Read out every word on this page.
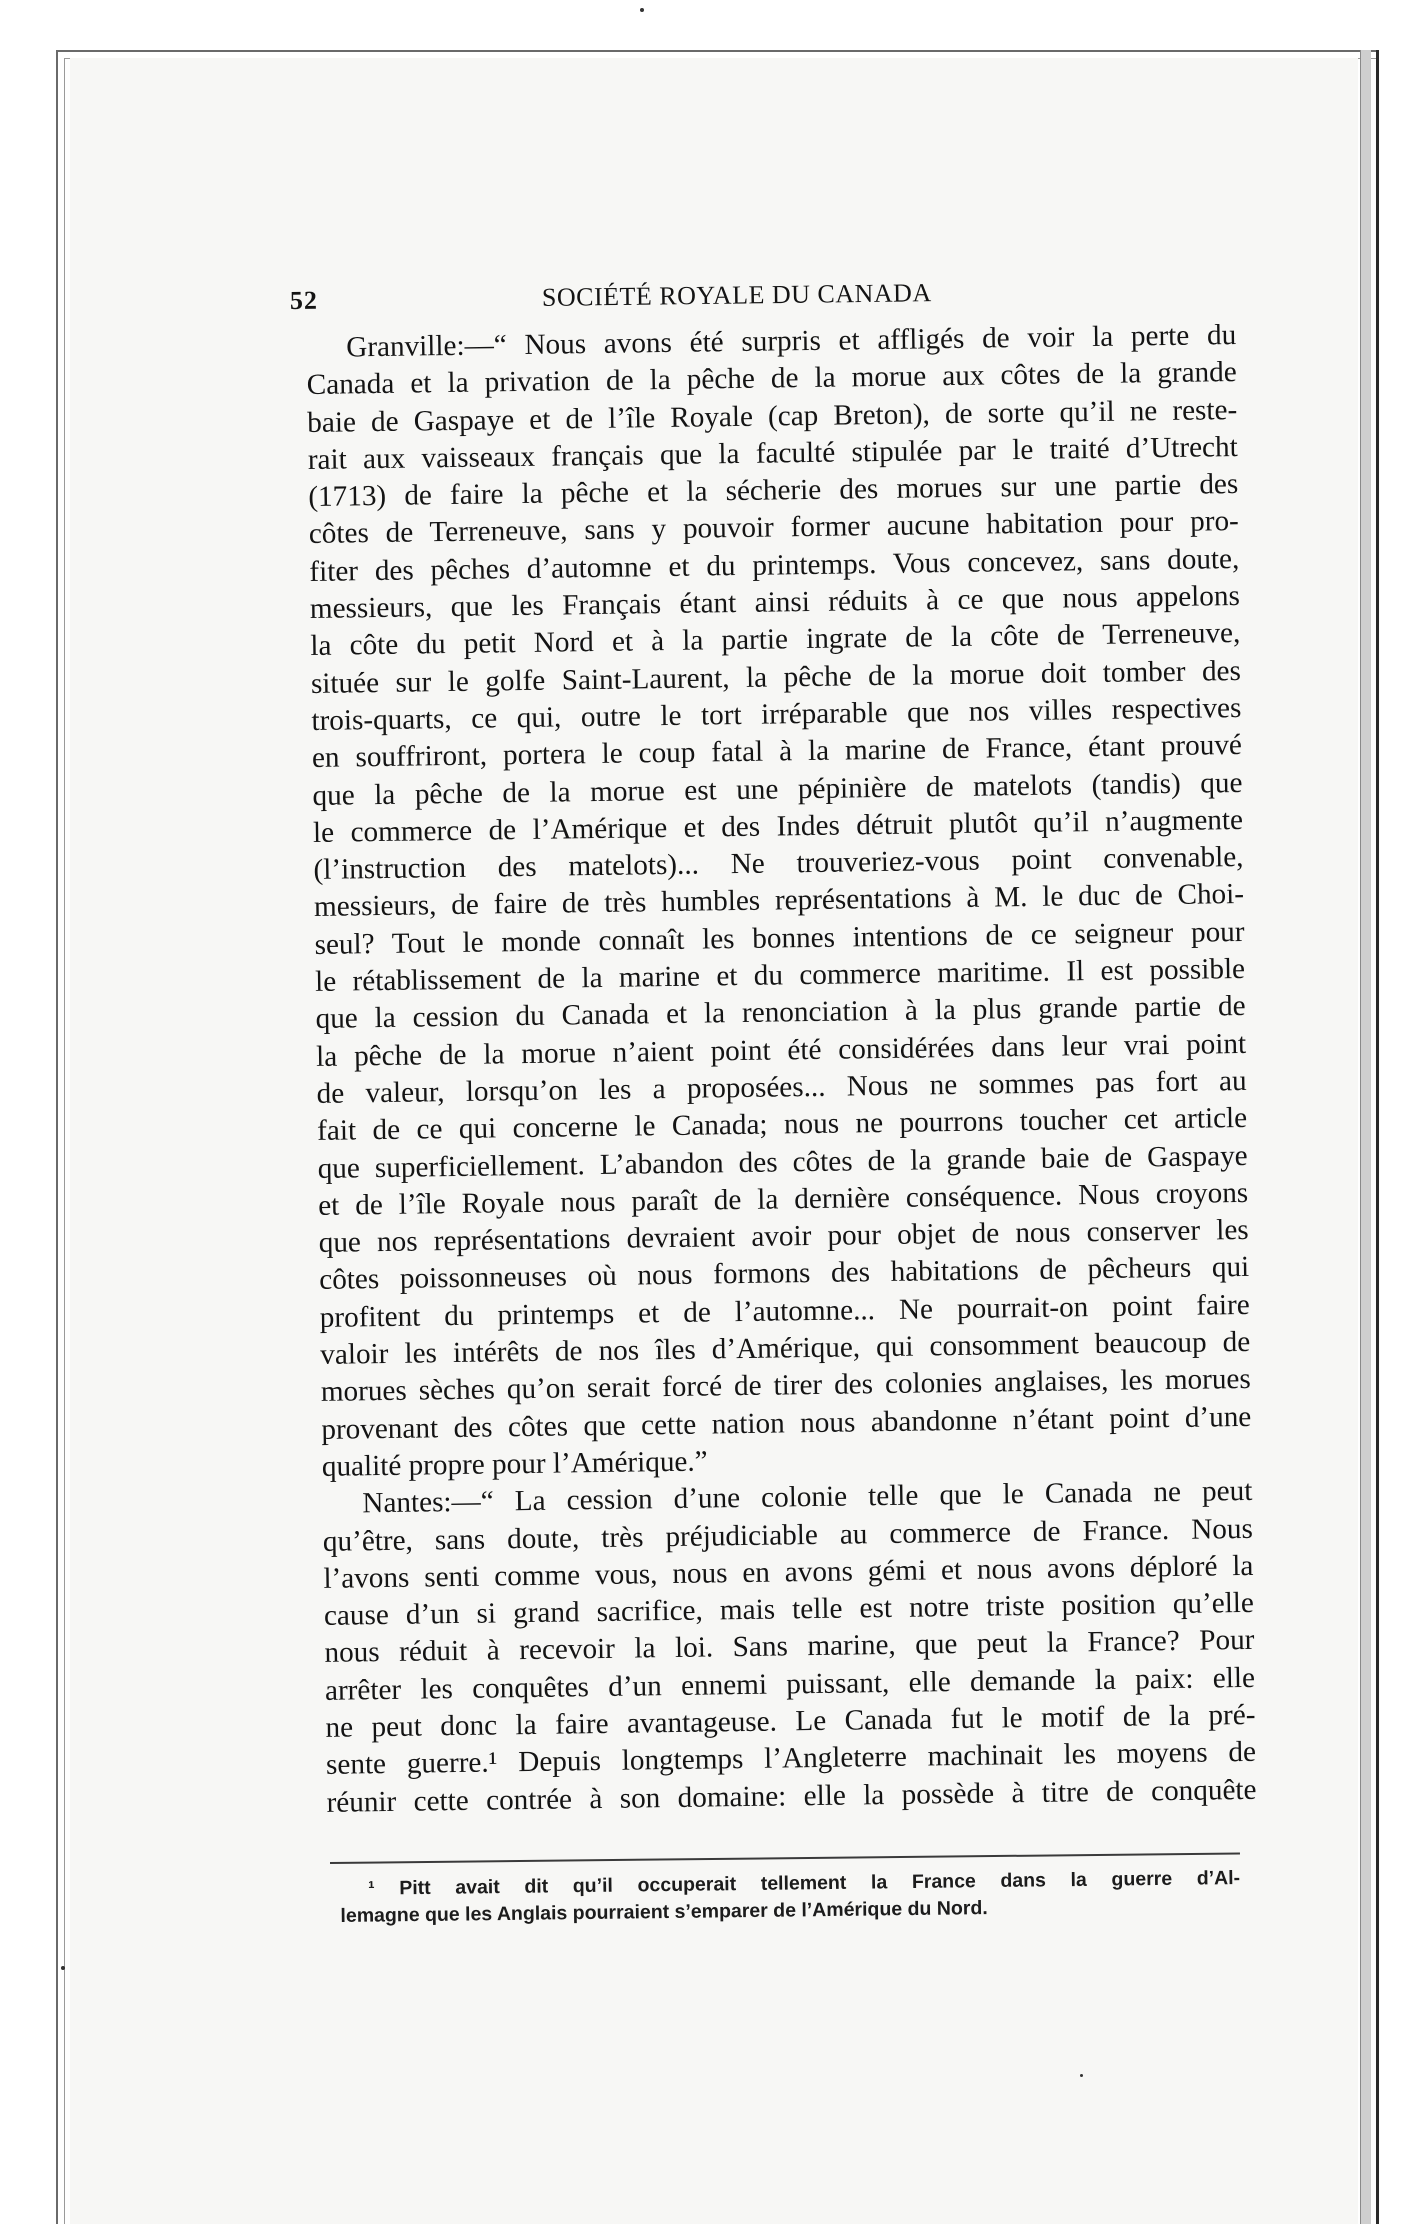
52	SOCIÉTÉ ROYALE DU CANADA
Granville:—“ Nous avons été surpris et affligés de voir la perte du
Canada et la privation de la pêche de la morue aux côtes de la grande
baie de Gaspaye et de l’île Royale (cap Breton), de sorte qu’il ne reste-
rait aux vaisseaux français que la faculté stipulée par le traité d’Utrecht
(1713) de faire la pêche et la sécherie des morues sur une partie des
côtes de Terreneuve, sans y pouvoir former aucune habitation pour pro-
fiter des pêches d’automne et du printemps. Vous concevez, sans doute,
messieurs, que les Français étant ainsi réduits à ce que nous appelons
la côte du petit Nord et à la partie ingrate de la côte de Terreneuve,
située sur le golfe Saint-Laurent, la pêche de la morue doit tomber des
trois-quarts, ce qui, outre le tort irréparable que nos villes respectives
en souffriront, portera le coup fatal à la marine de France, étant prouvé
que la pêche de la morue est une pépinière de matelots (tandis) que
le commerce de l’Amérique et des Indes détruit plutôt qu’il n’augmente
(l’instruction des matelots)... Ne trouveriez-vous point convenable,
messieurs, de faire de très humbles représentations à M. le duc de Choi-
seul? Tout le monde connaît les bonnes intentions de ce seigneur pour
le rétablissement de la marine et du commerce maritime. Il est possible
que la cession du Canada et la renonciation à la plus grande partie de
la pêche de la morue n’aient point été considérées dans leur vrai point
de valeur, lorsqu’on les a proposées... Nous ne sommes pas fort au
fait de ce qui concerne le Canada; nous ne pourrons toucher cet article
que superficiellement. L’abandon des côtes de la grande baie de Gaspaye
et de l’île Royale nous paraît de la dernière conséquence. Nous croyons
que nos représentations devraient avoir pour objet de nous conserver les
côtes poissonneuses où nous formons des habitations de pêcheurs qui
profitent du printemps et de l’automne... Ne pourrait-on point faire
valoir les intérêts de nos îles d’Amérique, qui consomment beaucoup de
morues sèches qu’on serait forcé de tirer des colonies anglaises, les morues
provenant des côtes que cette nation nous abandonne n’étant point d’une
qualité propre pour l’Amérique.”
Nantes:—“ La cession d’une colonie telle que le Canada ne peut
qu’être, sans doute, très préjudiciable au commerce de France. Nous
l’avons senti comme vous, nous en avons gémi et nous avons déploré la
cause d’un si grand sacrifice, mais telle est notre triste position qu’elle
nous réduit à recevoir la loi. Sans marine, que peut la France? Pour
arrêter les conquêtes d’un ennemi puissant, elle demande la paix: elle
ne peut donc la faire avantageuse. Le Canada fut le motif de la pré-
sente guerre.¹ Depuis longtemps l’Angleterre machinait les moyens de
réunir cette contrée à son domaine: elle la possède à titre de conquête
¹ Pitt avait dit qu’il occuperait tellement la France dans la guerre d’Al-
lemagne que les Anglais pourraient s’emparer de l’Amérique du Nord.
